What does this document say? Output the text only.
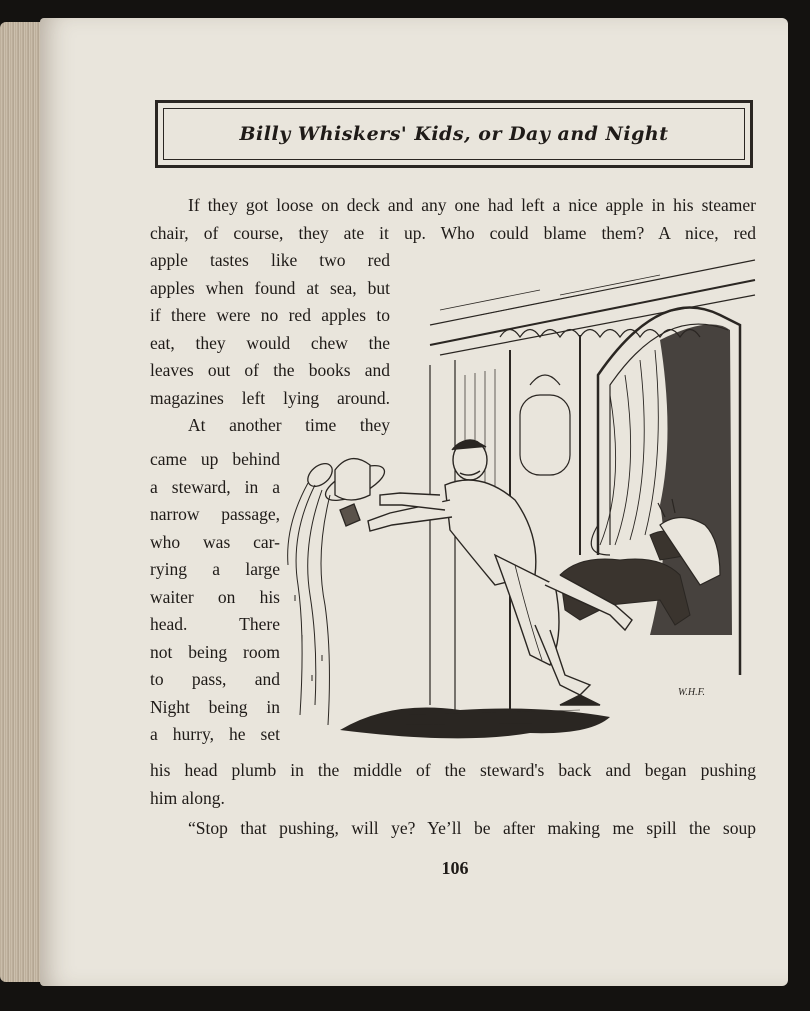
Billy Whiskers' Kids, or Day and Night
If they got loose on deck and any one had left a nice apple in his steamer
chair, of course, they ate it up. Who could blame them? A nice, red
apple tastes like two red
apples when found at sea, but
if there were no red apples to
eat, they would chew the
leaves out of the books and
magazines left lying around.
At another time they
came up behind
a steward, in a
narrow passage,
who was car-
rying a large
waiter on his
head. There
not being room
to pass, and
Night being in
a hurry, he set
W.H.F.
his head plumb in the middle of the steward's back and began pushing
him along.
“Stop that pushing, will ye? Ye’ll be after making me spill the soup
106
